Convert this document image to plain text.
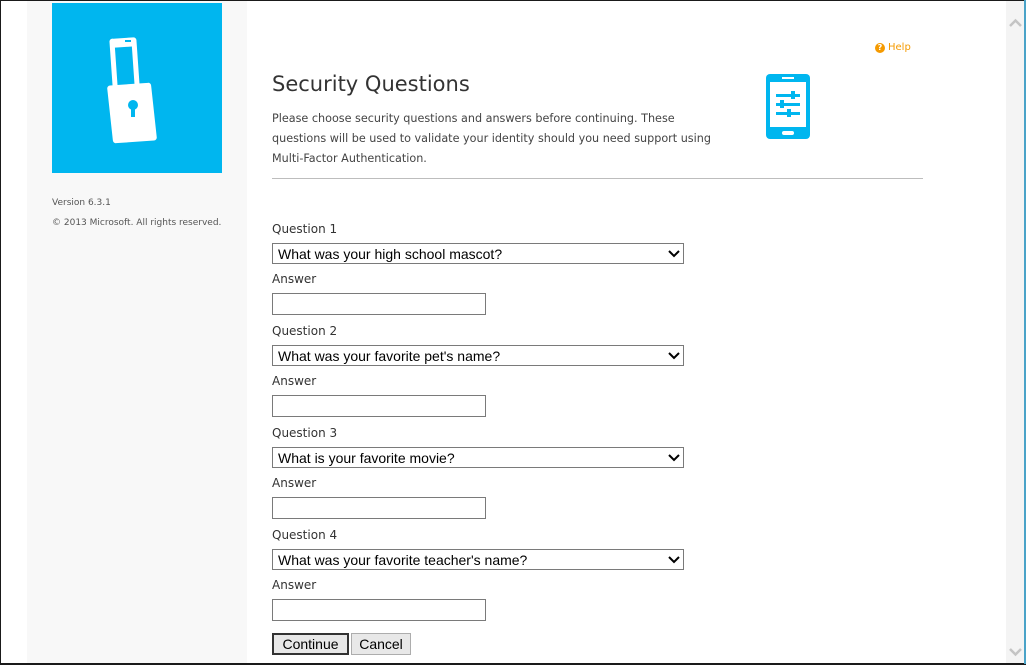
Version 6.3.1
© 2013 Microsoft. All rights reserved.
? Help
Security Questions
Please choose security questions and answers before continuing. These questions will be used to validate your identity should you need support using Multi-Factor Authentication.
Question 1
What was your high school mascot?
Answer
Question 2
What was your favorite pet's name?
Answer
Question 3
What is your favorite movie?
Answer
Question 4
What was your favorite teacher's name?
Answer
Continue	Cancel
